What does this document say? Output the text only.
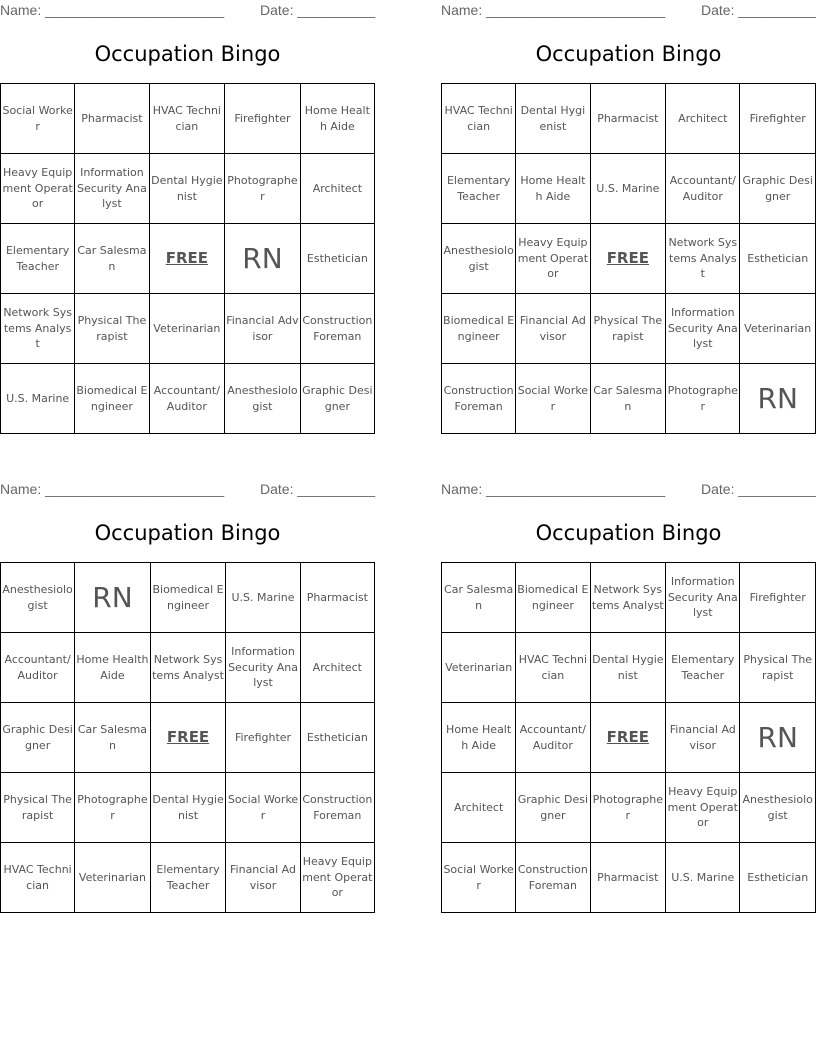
Name: _______________________	Date: __________
Occupation Bingo
Social Worker	Pharmacist	HVAC Technician	Firefighter	Home Health Aide
Heavy Equipment Operator	Information Security Analyst	Dental Hygienist	Photographer	Architect
Elementary Teacher	Car Salesman	FREE	RN	Esthetician
Network Systems Analyst	Physical Therapist	Veterinarian	Financial Advisor	Construction Foreman
U.S. Marine	Biomedical Engineer	Accountant/Auditor	Anesthesiologist	Graphic Designer
Name: _______________________	Date: __________
Occupation Bingo
HVAC Technician	Dental Hygienist	Pharmacist	Architect	Firefighter
Elementary Teacher	Home Health Aide	U.S. Marine	Accountant/Auditor	Graphic Designer
Anesthesiologist	Heavy Equipment Operator	FREE	Network Systems Analyst	Esthetician
Biomedical Engineer	Financial Advisor	Physical Therapist	Information Security Analyst	Veterinarian
Construction Foreman	Social Worker	Car Salesman	Photographer	RN
Name: _______________________	Date: __________
Occupation Bingo
Anesthesiologist	RN	Biomedical Engineer	U.S. Marine	Pharmacist
Accountant/Auditor	Home Health Aide	Network Systems Analyst	Information Security Analyst	Architect
Graphic Designer	Car Salesman	FREE	Firefighter	Esthetician
Physical Therapist	Photographer	Dental Hygienist	Social Worker	Construction Foreman
HVAC Technician	Veterinarian	Elementary Teacher	Financial Advisor	Heavy Equipment Operator
Name: _______________________	Date: __________
Occupation Bingo
Car Salesman	Biomedical Engineer	Network Systems Analyst	Information Security Analyst	Firefighter
Veterinarian	HVAC Technician	Dental Hygienist	Elementary Teacher	Physical Therapist
Home Health Aide	Accountant/Auditor	FREE	Financial Advisor	RN
Architect	Graphic Designer	Photographer	Heavy Equipment Operator	Anesthesiologist
Social Worker	Construction Foreman	Pharmacist	U.S. Marine	Esthetician
